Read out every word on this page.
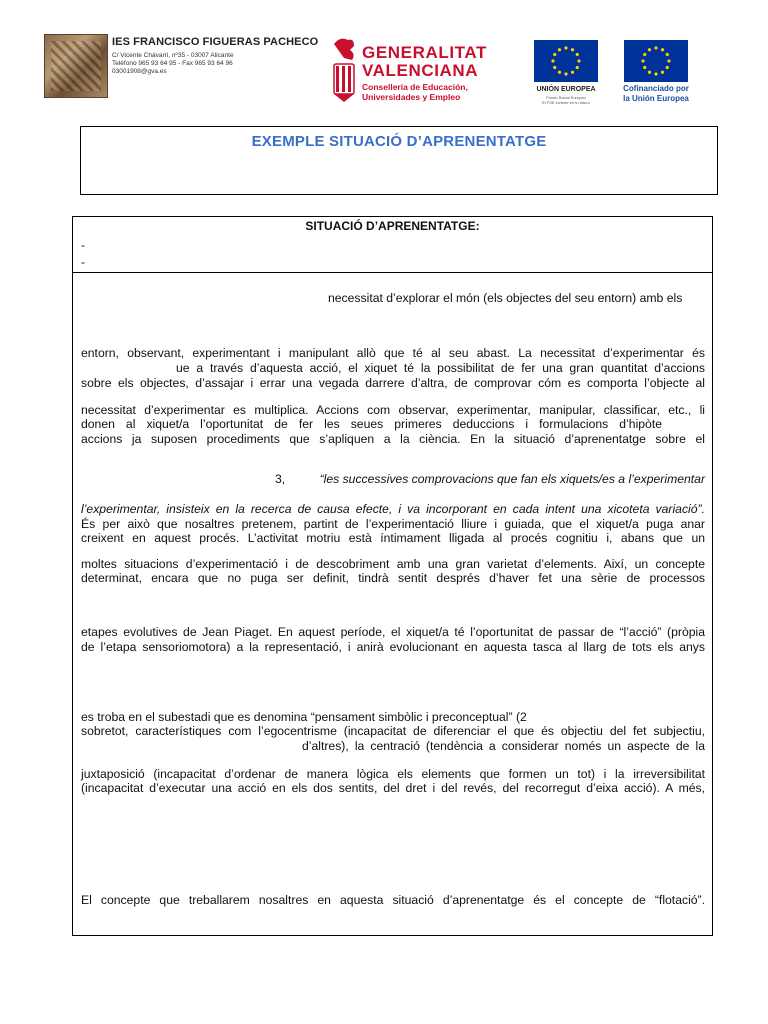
IES FRANCISCO FIGUERAS PACHECO
C/ Vicente Chávarri, nº35 - 03007 Alicante
Teléfono 965 93 64 95 - Fax 965 93 64 96
03001908@gva.es
GENERALITAT
VALENCIANA
Conselleria de Educación,
Universidades y Empleo
UNIÓN EUROPEA
Fondo Social Europeo
El FSE invierte en tu futuro
Cofinanciado por
la Unión Europea
EXEMPLE SITUACIÓ D’APRENENTATGE
SITUACIÓ D’APRENENTATGE:
-
-
necessitat d’explorar el món (els objectes del seu entorn) amb els
entorn, observant, experimentant i manipulant allò que té al seu abast. La necessitat d’experimentar és
ue a través d’aquesta acció, el xiquet té la possibilitat de fer una gran quantitat d’accions
sobre els objectes, d’assajar i errar una vegada darrere d’altra, de comprovar cóm es comporta l’objecte al
necessitat d’experimentar es multiplica. Accions com observar, experimentar, manipular, classificar, etc., li
donen al xiquet/a l’oportunitat de fer les seues primeres deduccions i formulacions d’hipòte
accions ja suposen procediments que s’apliquen a la ciència. En la situació d’aprenentatge sobre el
3,	“les successives comprovacions que fan els xiquets/es a l’experimentar
l’experimentar, insisteix en la recerca de causa efecte, i va incorporant en cada intent una xicoteta variació”.
És per això que nosaltres pretenem, partint de l’experimentació lliure i guiada, que el xiquet/a puga anar
creixent en aquest procés. L’activitat motriu està íntimament lligada al procés cognitiu i, abans que un
moltes situacions d’experimentació i de descobriment amb una gran varietat d’elements. Així, un concepte
determinat, encara que no puga ser definit, tindrà sentit després d’haver fet una sèrie de processos
etapes evolutives de Jean Piaget. En aquest període, el xiquet/a té l’oportunitat de passar de “l’acció” (pròpia
de l’etapa sensoriomotora) a la representació, i anirà evolucionant en aquesta tasca al llarg de tots els anys
es troba en el subestadi que es denomina “pensament simbòlic i preconceptual” (2
sobretot, característiques com l’egocentrisme (incapacitat de diferenciar el que és objectiu del fet subjectiu,
d’altres), la centració (tendència a considerar només un aspecte de la
juxtaposició (incapacitat d’ordenar de manera lògica els elements que formen un tot) i la irreversibilitat
(incapacitat d’executar una acció en els dos sentits, del dret i del revés, del recorregut d’eixa acció). A més,
El concepte que treballarem nosaltres en aquesta situació d’aprenentatge és el concepte de “flotació”.
